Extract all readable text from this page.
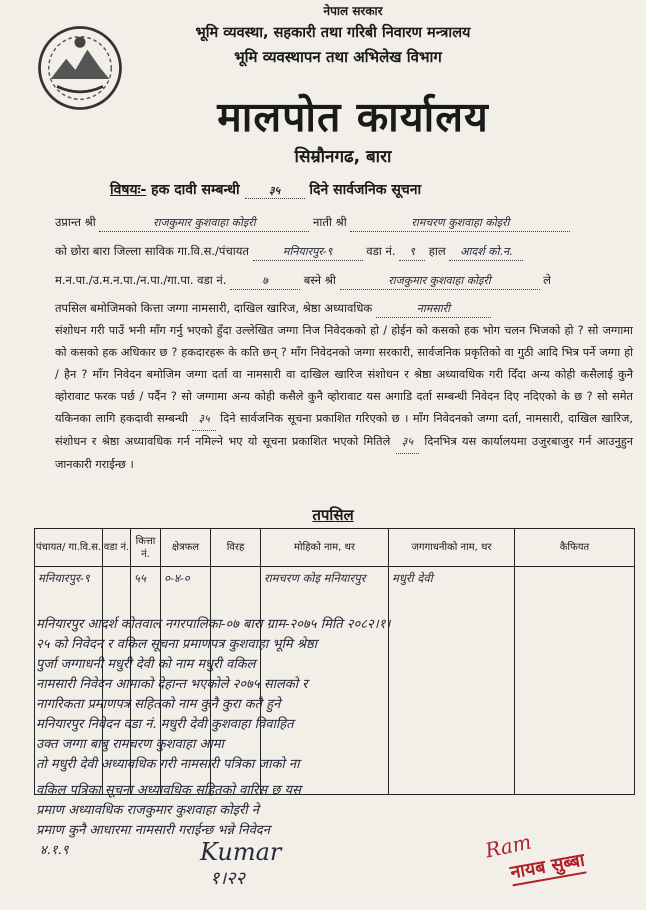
नेपाल सरकार
भूमि व्यवस्था, सहकारी तथा गरिबी निवारण मन्त्रालय
भूमि व्यवस्थापन तथा अभिलेख विभाग
मालपोत कार्यालय
सिम्रौनगढ, बारा
विषयः- हक दावी सम्बन्धी	३५ दिने सार्वजनिक सूचना
उप्रान्त श्री	राजकुमार कुशवाहा कोइरी	नाती श्री	रामचरण कुशवाहा कोइरी
को छोरा बारा जिल्ला साविक गा.वि.स./पंचायत	मनियारपुर-९	वडा नं. ९ हाल आदर्श को.न.
म.न.पा./उ.म.न.पा./न.पा./गा.पा. वडा नं.	७	बस्ने श्री	राजकुमार कुशवाहा कोइरी	ले
तपसिल बमोजिमको कित्ता जग्गा नामसारी, दाखिल खारिज, श्रेष्ठा अध्यावधिक	नामसारी
संशोधन गरी पाउँ भनी माँग गर्नु भएको हुँदा उल्लेखित जग्गा निज निवेदकको हो / होईन को कसको हक भोग चलन भिजको हो ? सो जग्गामा को कसको हक अधिकार छ ? हकदारहरू के कति छन् ? माँग निवेदनको जग्गा सरकारी, सार्वजनिक प्रकृतिको वा गुठी आदि भित्र पर्ने जग्गा हो / हैन ? माँग निवेदन बमोजिम जग्गा दर्ता वा नामसारी वा दाखिल खारिज संशोधन र श्रेष्ठा अध्यावधिक गरी दिँदा अन्य कोही कसैलाई कुनै व्होरावाट फरक पर्छ / पर्दैन ? सो जग्गामा अन्य कोही कसैले कुनै व्होरावाट यस अगाडि दर्ता सम्बन्धी निवेदन दिए नदिएको के छ ? सो समेत यकिनका लागि हकदावी सम्बन्धी ३५ दिने सार्वजनिक सूचना प्रकाशित गरिएको छ । माँग निवेदनको जग्गा दर्ता, नामसारी, दाखिल खारिज, संशोधन र श्रेष्ठा अध्यावधिक गर्न नमिल्ने भए यो सूचना प्रकाशित भएको मितिले ३५ दिनभित्र यस कार्यालयमा उजुरबाजुर गर्न आउनुहुन जानकारी गराईन्छ ।
तपसिल
पंचायत/ गा.वि.स.	वडा नं.	कित्ता नं.	क्षेत्रफल	विरह	मोहिको नाम, थर	जगगाधनीको नाम, थर	कैफियत
मनियारपुर-९		५५	०-४-०		रामचरण कोइ मनियारपुर	मधुरी देवी	
मनियारपुर आदर्श कोतवाल नगरपालिका-०७ बारा ग्राम-२०७५ मिति २०८२।१।
२५ को निवेदन र वकिल सूचना प्रमाणपत्र कुशवाहा भूमि श्रेष्ठा
पुर्जा जग्गाधनी मधुरी देवी को नाम मधुरी वकिल
नामसारी निवेदन आमाको देहान्त भएकोले २०७५ सालको र
नागरिकता प्रमाणपत्र सहितको नाम कुनै कुरा कतै हुने
मनियारपुर निवेदन वडा नं. मधुरी देवी कुशवाहा विवाहित
उक्त जग्गा बाबु रामचरण कुशवाहा आमा
तो मधुरी देवी अध्यावधिक गरी नामसारी पत्रिका जाको ना
वकिल पत्रिका सूचना अध्यावधिक सहितको वारिस छ यस
प्रमाण अध्यावधिक राजकुमार कुशवाहा कोइरी ने
प्रमाण कुनै आधारमा नामसारी गराईन्छ भन्ने निवेदन
४.१.९	Kumar
१।२२
Ram
नायब सुब्बा
